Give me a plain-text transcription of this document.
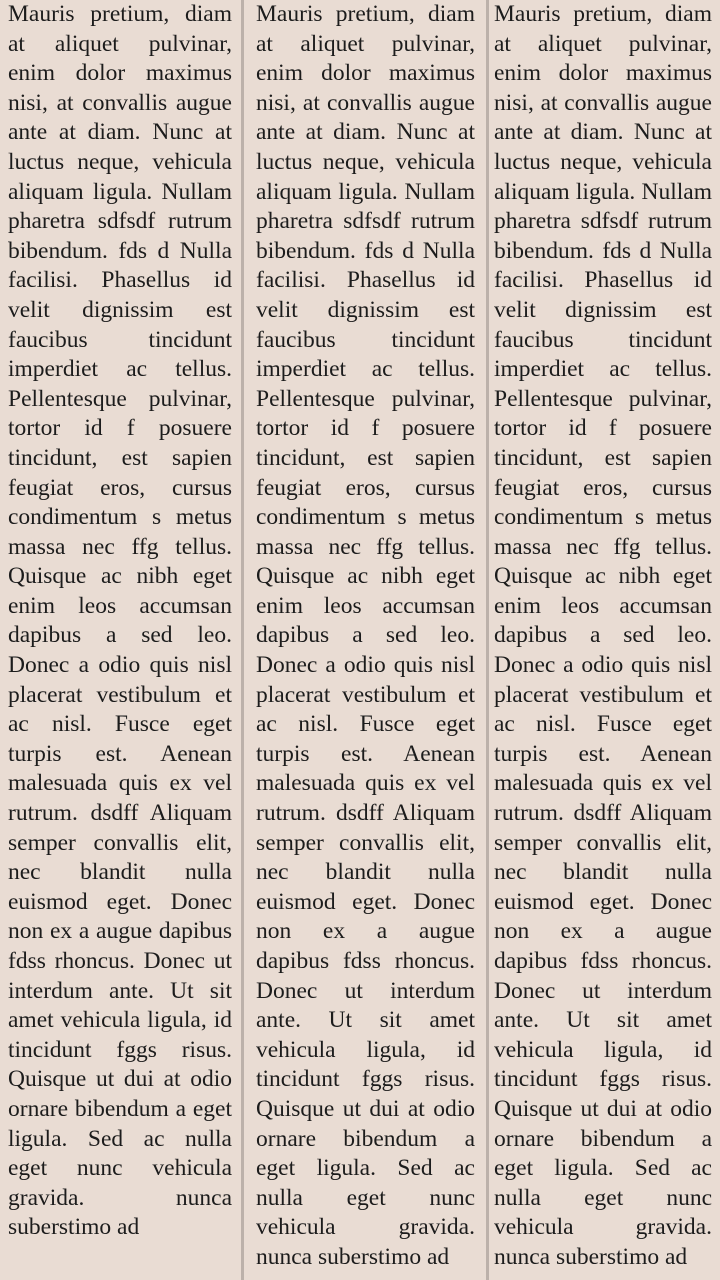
Mauris pretium, diam at aliquet pulvinar, enim dolor maximus nisi, at convallis augue ante at diam. Nunc at luctus neque, vehicula aliquam ligula. Nullam pharetra sdfsdf rutrum bibendum. fds d Nulla facilisi. Phasellus id velit dignissim est faucibus tincidunt imperdiet ac tellus. Pellentesque pulvinar, tortor id f posuere tincidunt, est sapien feugiat eros, cursus condimentum s metus massa nec ffg tellus. Quisque ac nibh eget enim leos accumsan dapibus a sed leo. Donec a odio quis nisl placerat vestibulum et ac nisl. Fusce eget turpis est. Aenean malesuada quis ex vel rutrum. dsdff Aliquam semper convallis elit, nec blandit nulla euismod eget. Donec non ex a augue dapibus fdss rhoncus. Donec ut interdum ante. Ut sit amet vehicula ligula, id tincidunt fggs risus. Quisque ut dui at odio ornare bibendum a eget ligula. Sed ac nulla eget nunc vehicula gravida. nunca suberstimo ad

Mauris pretium, diam at aliquet pulvinar, enim dolor maximus nisi, at convallis augue ante at diam. Nunc at luctus neque, vehicula aliquam ligula. Nullam pharetra sdfsdf rutrum bibendum. fds d Nulla facilisi. Phasellus id velit dignissim est faucibus tincidunt imperdiet ac tellus. Pellentesque pulvinar, tortor id f posuere tincidunt, est sapien feugiat eros, cursus condimentum s metus massa nec ffg tellus. Quisque ac nibh eget enim leos accumsan dapibus a sed leo. Donec a odio quis nisl placerat vestibulum et ac nisl. Fusce eget turpis est. Aenean malesuada quis ex vel rutrum. dsdff Aliquam semper convallis elit, nec blandit nulla euismod eget. Donec non ex a augue dapibus fdss rhoncus. Donec ut interdum ante. Ut sit amet vehicula ligula, id tincidunt fggs risus. Quisque ut dui at odio ornare bibendum a eget ligula. Sed ac nulla eget nunc vehicula gravida. nunca suberstimo ad

Mauris pretium, diam at aliquet pulvinar, enim dolor maximus nisi, at convallis augue ante at diam. Nunc at luctus neque, vehicula aliquam ligula. Nullam pharetra sdfsdf rutrum bibendum. fds d Nulla facilisi. Phasellus id velit dignissim est faucibus tincidunt imperdiet ac tellus. Pellentesque pulvinar, tortor id f posuere tincidunt, est sapien feugiat eros, cursus condimentum s metus massa nec ffg tellus. Quisque ac nibh eget enim leos accumsan dapibus a sed leo. Donec a odio quis nisl placerat vestibulum et ac nisl. Fusce eget turpis est. Aenean malesuada quis ex vel rutrum. dsdff Aliquam semper convallis elit, nec blandit nulla euismod eget. Donec non ex a augue dapibus fdss rhoncus. Donec ut interdum ante. Ut sit amet vehicula ligula, id tincidunt fggs risus. Quisque ut dui at odio ornare bibendum a eget ligula. Sed ac nulla eget nunc vehicula gravida. nunca suberstimo ad
